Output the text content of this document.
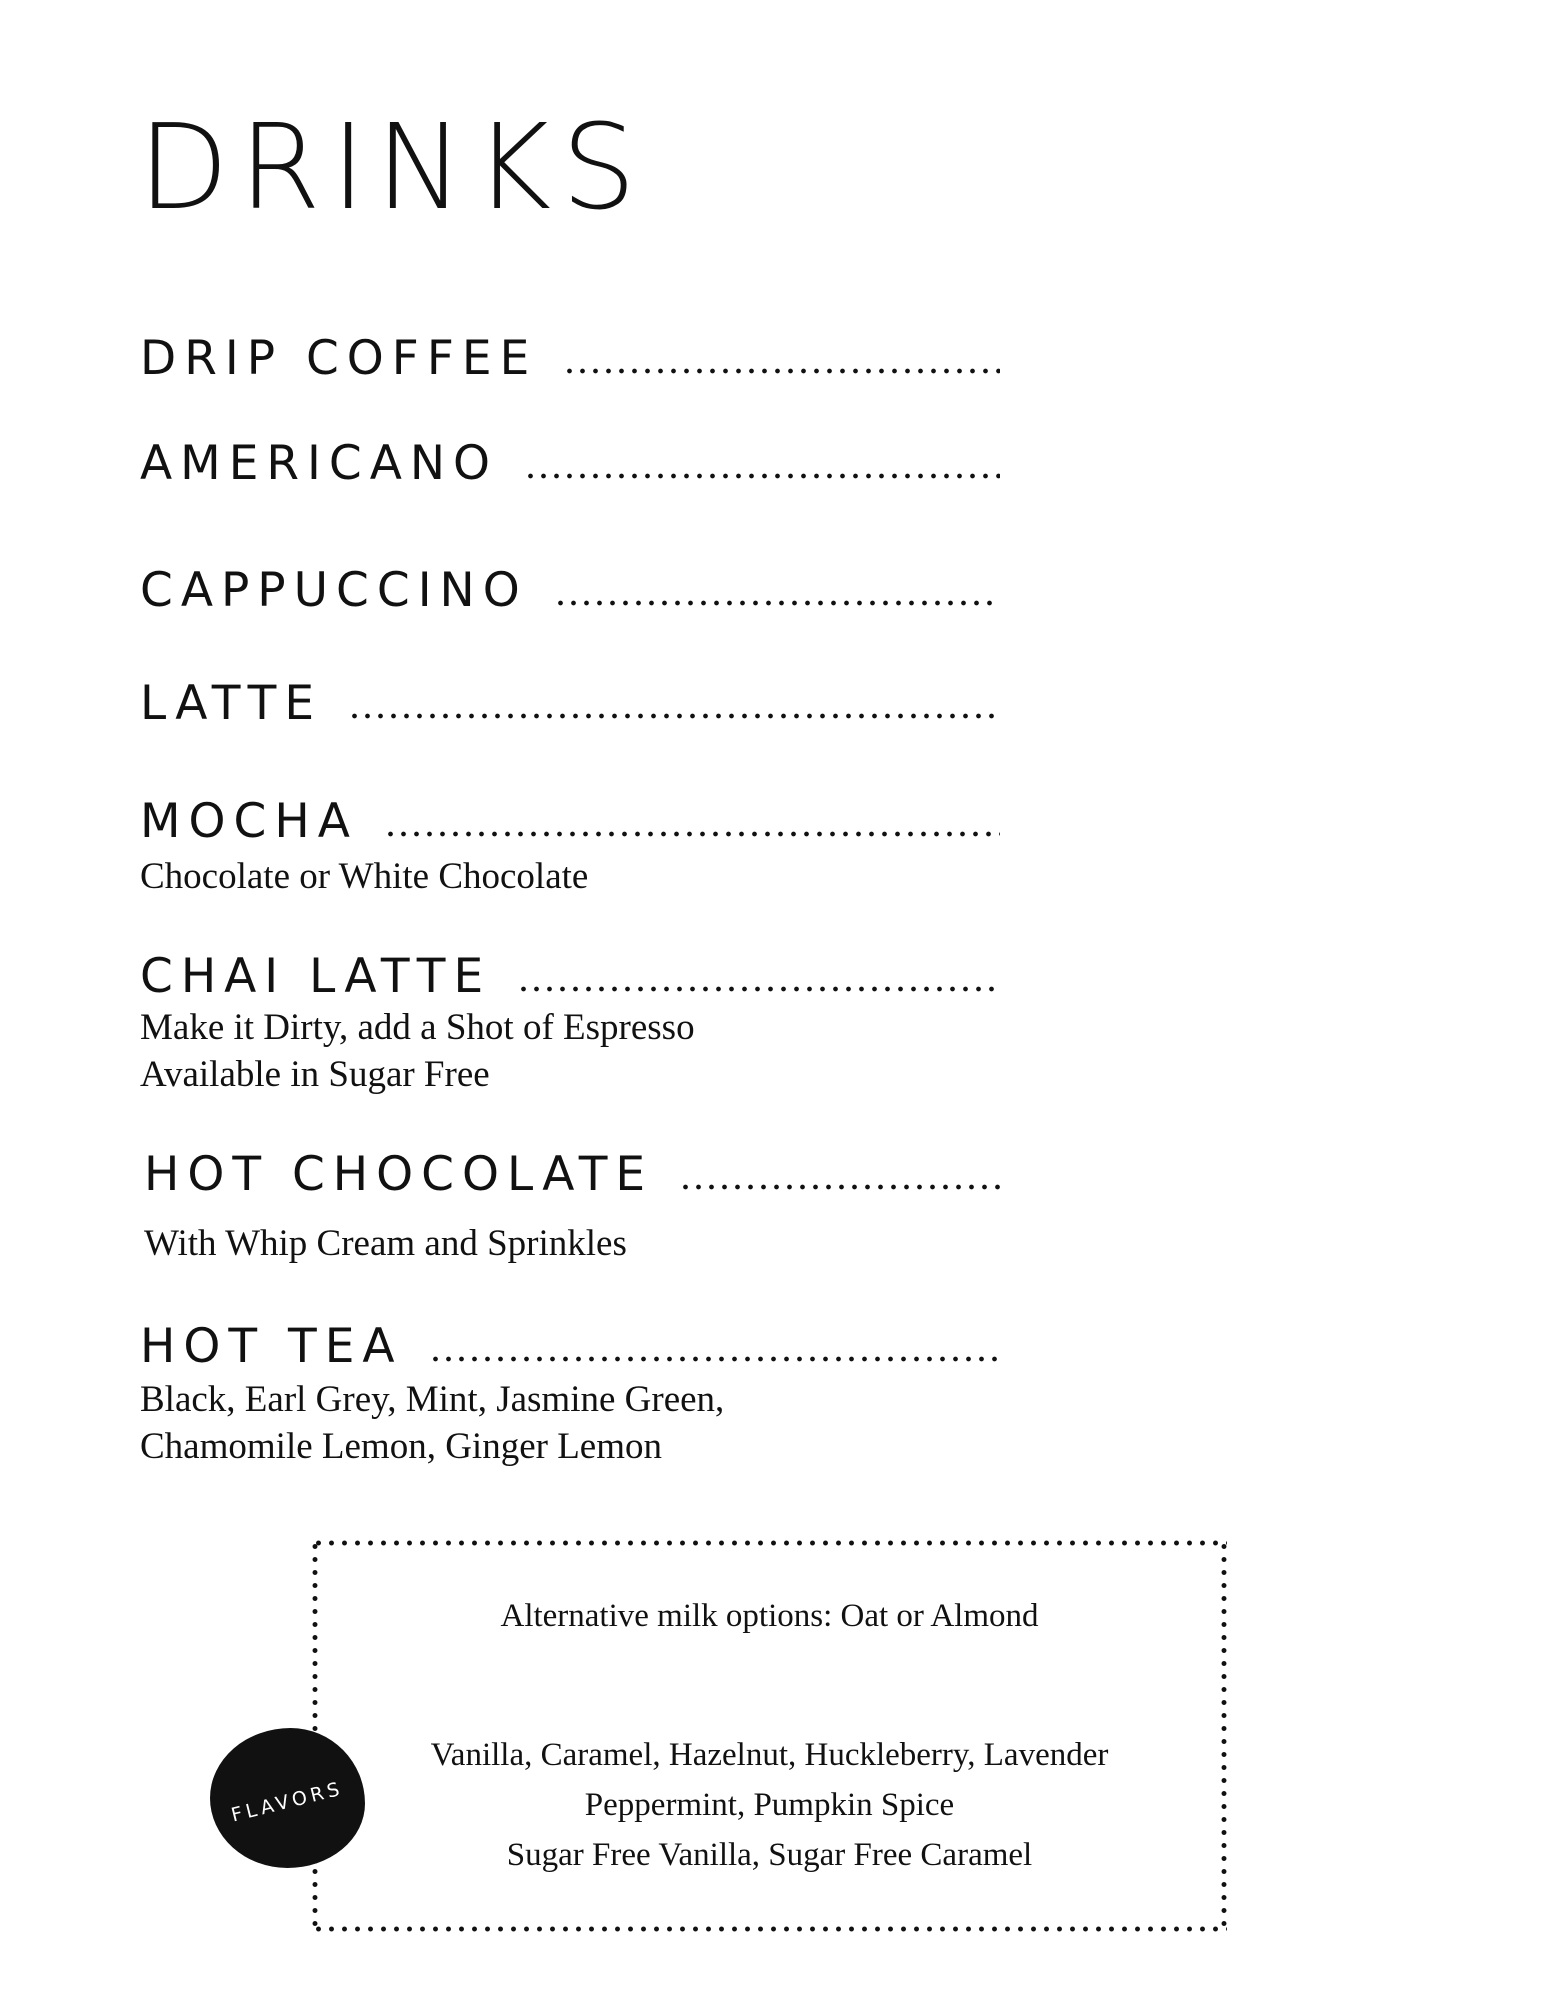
DRINKS
DRIP COFFEE
AMERICANO
CAPPUCCINO
LATTE
MOCHA
Chocolate or White Chocolate
CHAI LATTE
Make it Dirty, add a Shot of Espresso
Available in Sugar Free
HOT CHOCOLATE
With Whip Cream and Sprinkles
HOT TEA
Black, Earl Grey, Mint, Jasmine Green,
Chamomile Lemon, Ginger Lemon
Alternative milk options: Oat or Almond
Vanilla, Caramel, Hazelnut, Huckleberry, Lavender
Peppermint, Pumpkin Spice
Sugar Free Vanilla, Sugar Free Caramel
FLAVORS
